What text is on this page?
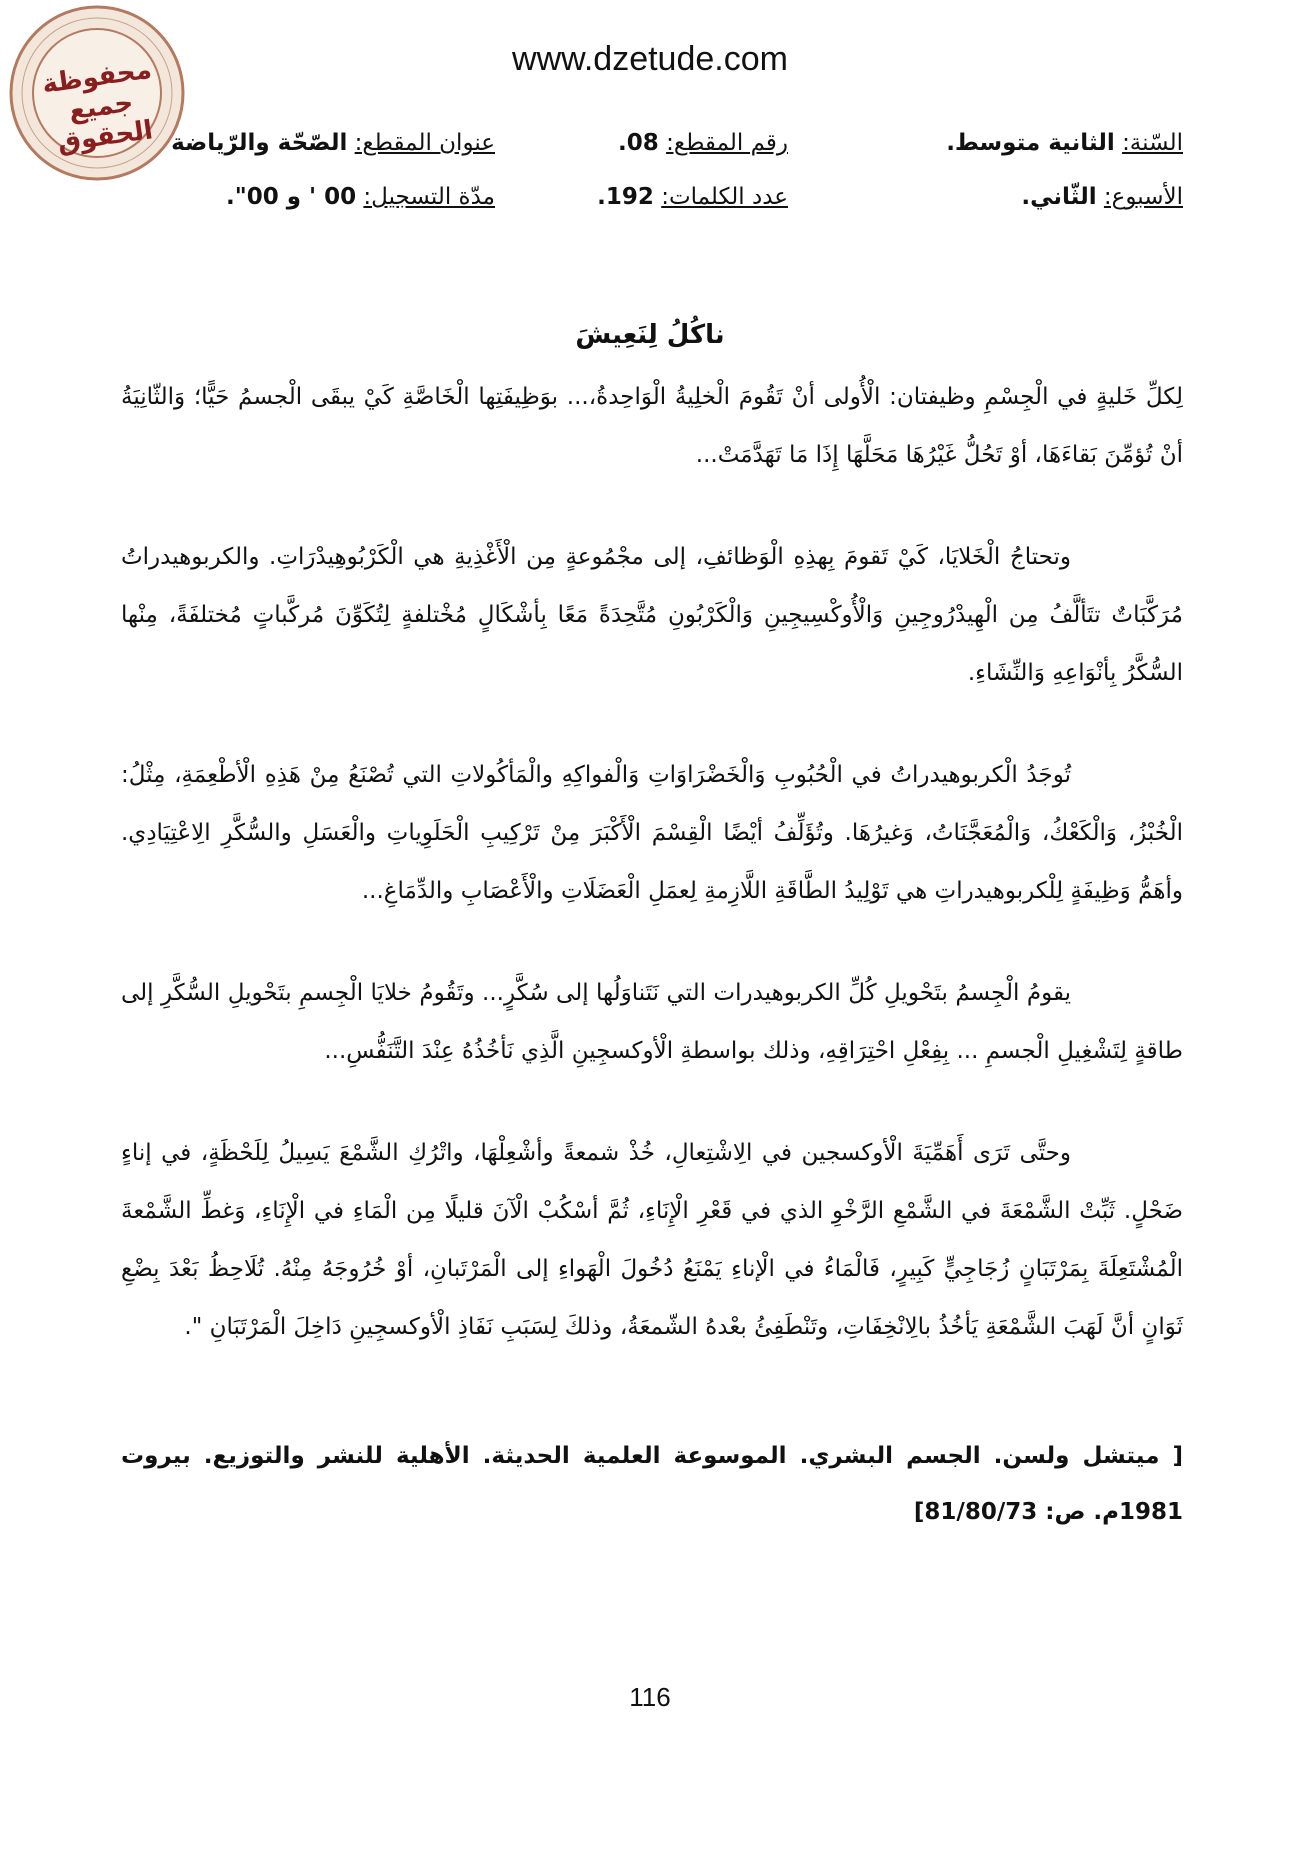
محفوظة جميع الحقوق
www.dzetude.com
السّنة: الثانية متوسط.
رقم المقطع: 08.
عنوان المقطع: الصّحّة والرّياضة
الأسبوع: الثّاني.
عدد الكلمات: 192.
مدّة التسجيل: 00 ' و 00".
ناكُلُ لِنَعِيشَ

لِكلِّ خَليةٍ في الْجِسْمِ وظيفتان: الْأُولى أنْ تَقُومَ الْخلِيةُ الْوَاحِدةُ،... بوَظِيفَتِها الْخَاصَّةِ كَيْ يبقَى الْجسمُ حَيًّا؛ وَالثّانِيَةُ أنْ تُؤمِّنَ بَقاءَهَا، أوْ تَحُلُّ غَيْرُهَا مَحَلَّهَا إِذَا مَا تَهَدَّمَتْ...

وتحتاجُ الْخَلايَا، كَيْ تَقومَ بِهذِهِ الْوَظائفِ، إلى مجْمُوعةٍ مِن الْأَغْذِيةِ هي الْكَرْبُوهِيدْرَاتِ. والكربوهيدراتُ مُرَكَّبَاتٌ تتَألَّفُ مِن الْهِيدْرُوجِينِ وَالْأُوكْسِيجِينِ وَالْكَرْبُونِ مُتَّحِدَةً مَعًا بِأشْكَالٍ مُخْتلفةٍ لِتُكَوِّنَ مُركَّباتٍ مُختلفَةً، مِنْها السُّكَّرُ بِأنْوَاعِهِ وَالنِّشَاءِ.

تُوجَدُ الْكربوهيدراتُ في الْحُبُوبِ وَالْخَضْرَاوَاتِ وَالْفواكِهِ والْمَأكُولاتِ التي تُصْنَعُ مِنْ هَذِهِ الْأطْعِمَةِ، مِثْلُ: الْخُبْزُ، وَالْكَعْكُ، وَالْمُعَجَّنَاتُ، وَغيرُهَا. وتُؤَلِّفُ أيْضًا الْقِسْمَ الْأَكْبَرَ مِنْ تَرْكِيبِ الْحَلَوِياتِ والْعَسَلِ والسُّكَّرِ الِاعْتِيَادِي. وأهَمُّ وَظِيفَةٍ لِلْكربوهيدراتِ هي تَوْلِيدُ الطَّاقَةِ اللَّازِمةِ لِعمَلِ الْعَضَلَاتِ والْأَعْصَابِ والدِّمَاغِ...

يقومُ الْجِسمُ بتَحْويلِ كُلِّ الكربوهيدرات التي نَتَناوَلُها إلى سُكَّرٍ... وتَقُومُ خلايَا الْجِسمِ بتَحْويلِ السُّكَّرِ إلى طاقةٍ لِتَشْغِيلِ الْجسمِ ... بِفِعْلِ احْتِرَاقِهِ، وذلك بواسطةِ الْأوكسجِينِ الَّذِي نَأخُذُهُ عِنْدَ التَّنَفُّسِ...

وحتَّى تَرَى أَهَمِّيَةَ الْأوكسجين في الِاشْتِعالِ، خُذْ شمعةً وأشْعِلْهَا، واتْرُكِ الشَّمْعَ يَسِيلُ لِلَحْظَةٍ، في إناءٍ ضَحْلٍ. ثَبِّتْ الشَّمْعَةَ في الشَّمْعِ الرَّخْوِ الذي في قَعْرِ الْإِنَاءِ، ثُمَّ أسْكُبْ الْآنَ قليلًا مِن الْمَاءِ في الْإِنَاءِ، وَغطِّ الشَّمْعةَ الْمُشْتَعِلَةَ بِمَرْتَبَانٍ زُجَاجِيٍّ كَبِيرٍ، فَالْمَاءُ في الْإناءِ يَمْنَعُ دُخُولَ الْهَواءِ إلى الْمَرْتَبانِ، أوْ خُرُوجَهُ مِنْهُ. تُلَاحِظُ بَعْدَ بِضْعِ ثَوَانٍ أنَّ لَهَبَ الشَّمْعَةِ يَأخُذُ بالِانْخِفَاتِ، وتَنْطَفِئُ بعْدهُ الشّمعَةُ، وذلكَ لِسَبَبِ نَفَاذِ الْأوكسجِينِ دَاخِلَ الْمَرْتَبَانِ ".

[ ميتشل ولسن. الجسم البشري. الموسوعة العلمية الحديثة. الأهلية للنشر والتوزيع. بيروت 1981م. ص: 81/80/73]
116
